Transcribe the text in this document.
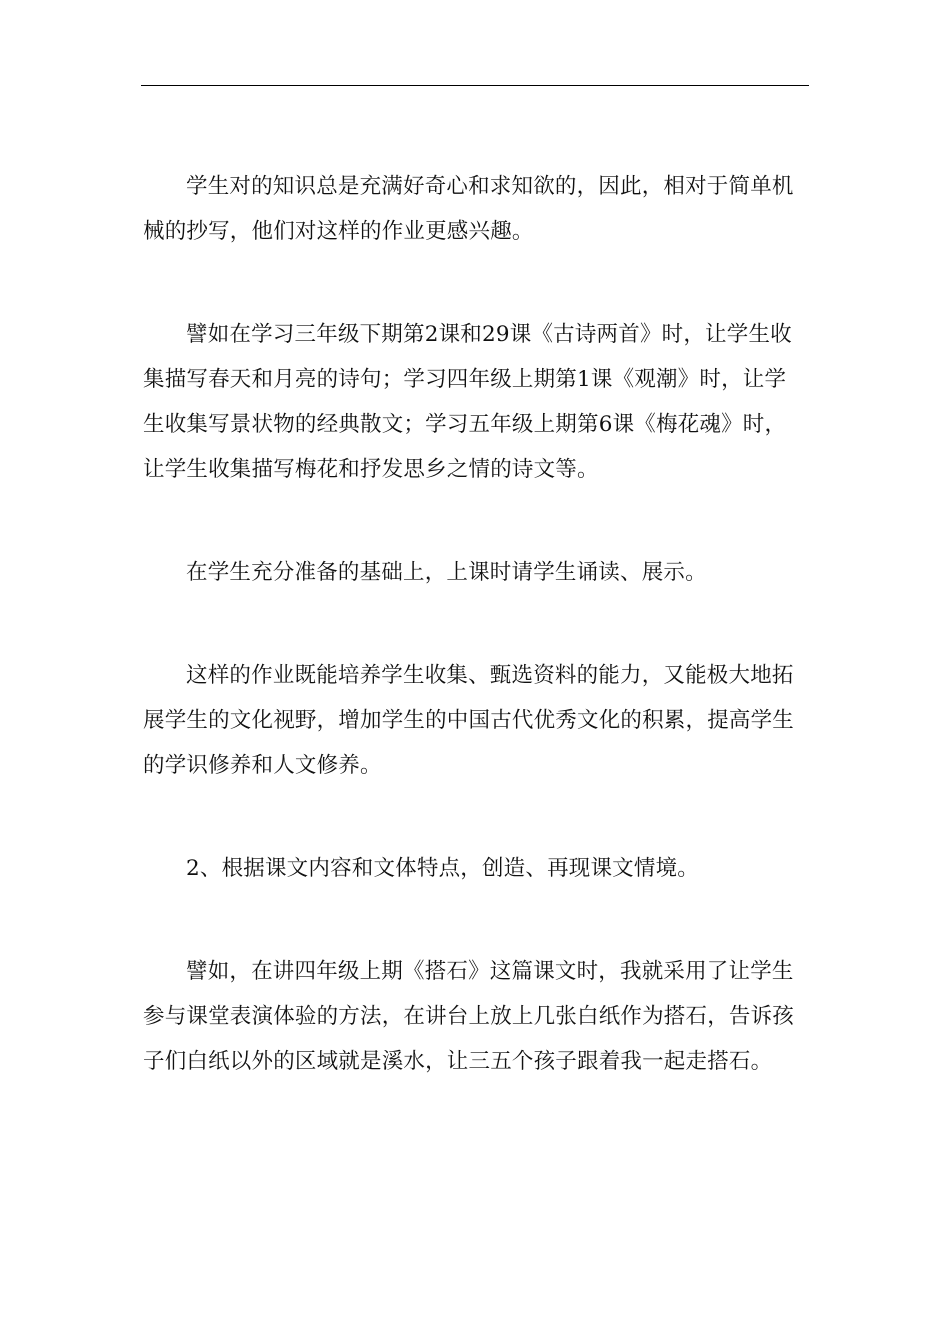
学生对的知识总是充满好奇心和求知欲的，因此，相对于简单机械的抄写，他们对这样的作业更感兴趣。

譬如在学习三年级下期第2课和29课《古诗两首》时，让学生收集描写春天和月亮的诗句；学习四年级上期第1课《观潮》时，让学生收集写景状物的经典散文；学习五年级上期第6课《梅花魂》时，让学生收集描写梅花和抒发思乡之情的诗文等。

在学生充分准备的基础上，上课时请学生诵读、展示。

这样的作业既能培养学生收集、甄选资料的能力，又能极大地拓展学生的文化视野，增加学生的中国古代优秀文化的积累，提高学生的学识修养和人文修养。

2、根据课文内容和文体特点，创造、再现课文情境。

譬如，在讲四年级上期《搭石》这篇课文时，我就采用了让学生参与课堂表演体验的方法，在讲台上放上几张白纸作为搭石，告诉孩子们白纸以外的区域就是溪水，让三五个孩子跟着我一起走搭石。
